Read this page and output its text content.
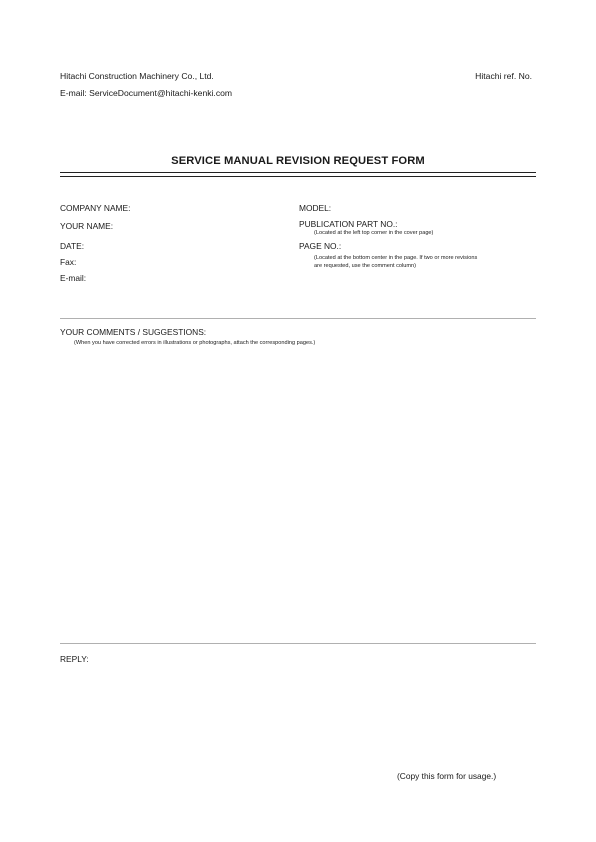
Hitachi Construction Machinery Co., Ltd.
E-mail: ServiceDocument@hitachi-kenki.com
Hitachi ref. No.
SERVICE MANUAL REVISION REQUEST FORM
COMPANY NAME:
YOUR NAME:
DATE:
Fax:
E-mail:
MODEL:
PUBLICATION PART NO.:
(Located at the left top corner in the cover page)
PAGE NO.:
(Located at the bottom center in the page. If two or more revisions
are requested, use the comment column)
YOUR COMMENTS / SUGGESTIONS:
(When you have corrected errors in illustrations or photographs, attach the corresponding pages.)
REPLY:
(Copy this form for usage.)
